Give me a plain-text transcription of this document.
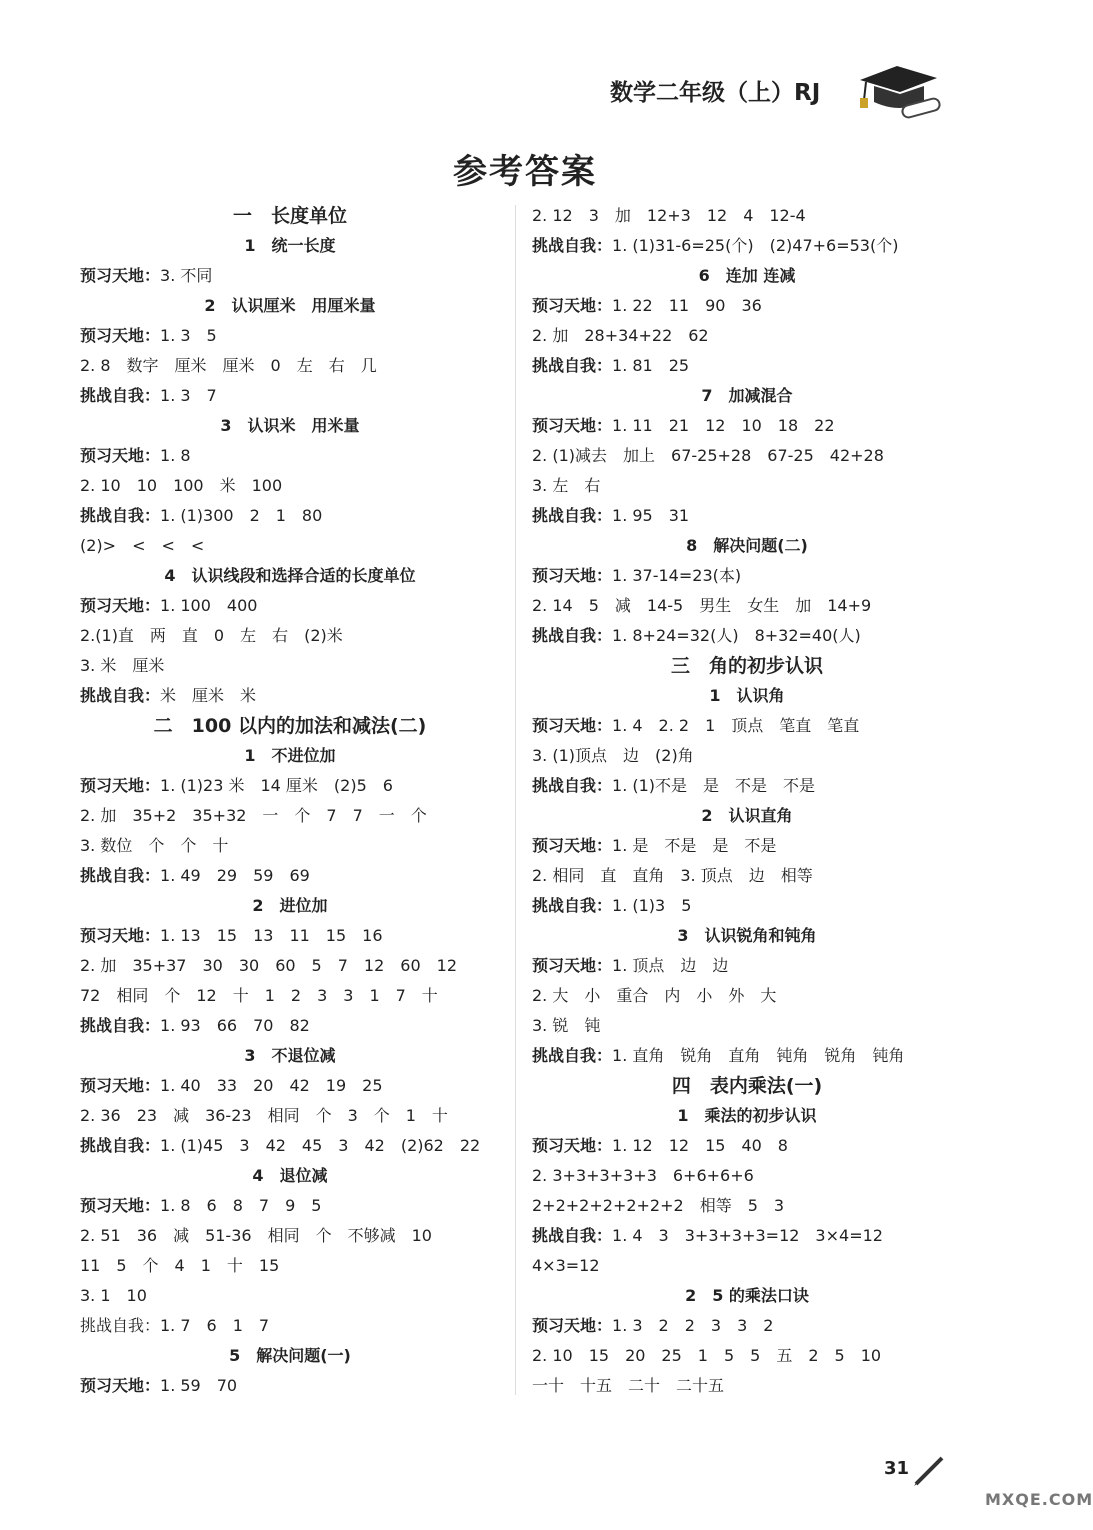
数学二年级（上）RJ
参考答案
一　长度单位
1　统一长度
预习天地：3. 不同
2　认识厘米　用厘米量
预习天地：1. 3　5
2. 8　数字　厘米　厘米　0　左　右　几
挑战自我：1. 3　7
3　认识米　用米量
预习天地：1. 8
2. 10　10　100　米　100
挑战自我：1. (1)300　2　1　80
(2)>　<　<　<
4　认识线段和选择合适的长度单位
预习天地：1. 100　400
2.(1)直　两　直　0　左　右　(2)米
3. 米　厘米
挑战自我：米　厘米　米
二　100 以内的加法和减法(二)
1　不进位加
预习天地：1. (1)23 米　14 厘米　(2)5　6
2. 加　35+2　35+32　一　个　7　7　一　个
3. 数位　个　个　十
挑战自我：1. 49　29　59　69
2　进位加
预习天地：1. 13　15　13　11　15　16
2. 加　35+37　30　30　60　5　7　12　60　12
72　相同　个　12　十　1　2　3　3　1　7　十
挑战自我：1. 93　66　70　82
3　不退位减
预习天地：1. 40　33　20　42　19　25
2. 36　23　减　36-23　相同　个　3　个　1　十
挑战自我：1. (1)45　3　42　45　3　42　(2)62　22
4　退位减
预习天地：1. 8　6　8　7　9　5
2. 51　36　减　51-36　相同　个　不够减　10
11　5　个　4　1　十　15
3. 1　10
挑战自我：1. 7　6　1　7
5　解决问题(一)
预习天地：1. 59　70
2. 12　3　加　12+3　12　4　12-4
挑战自我：1. (1)31-6=25(个)　(2)47+6=53(个)
6　连加 连减
预习天地：1. 22　11　90　36
2. 加　28+34+22　62
挑战自我：1. 81　25
7　加减混合
预习天地：1. 11　21　12　10　18　22
2. (1)减去　加上　67-25+28　67-25　42+28
3. 左　右
挑战自我：1. 95　31
8　解决问题(二)
预习天地：1. 37-14=23(本)
2. 14　5　减　14-5　男生　女生　加　14+9
挑战自我：1. 8+24=32(人)　8+32=40(人)
三　角的初步认识
1　认识角
预习天地：1. 4　2. 2　1　顶点　笔直　笔直
3. (1)顶点　边　(2)角
挑战自我：1. (1)不是　是　不是　不是
2　认识直角
预习天地：1. 是　不是　是　不是
2. 相同　直　直角　3. 顶点　边　相等
挑战自我：1. (1)3　5
3　认识锐角和钝角
预习天地：1. 顶点　边　边
2. 大　小　重合　内　小　外　大
3. 锐　钝
挑战自我：1. 直角　锐角　直角　钝角　锐角　钝角
四　表内乘法(一)
1　乘法的初步认识
预习天地：1. 12　12　15　40　8
2. 3+3+3+3+3　6+6+6+6
2+2+2+2+2+2+2　相等　5　3
挑战自我：1. 4　3　3+3+3+3=12　3×4=12
4×3=12
2　5 的乘法口诀
预习天地：1. 3　2　2　3　3　2
2. 10　15　20　25　1　5　5　五　2　5　10
一十　十五　二十　二十五
31
MXQE.COM
